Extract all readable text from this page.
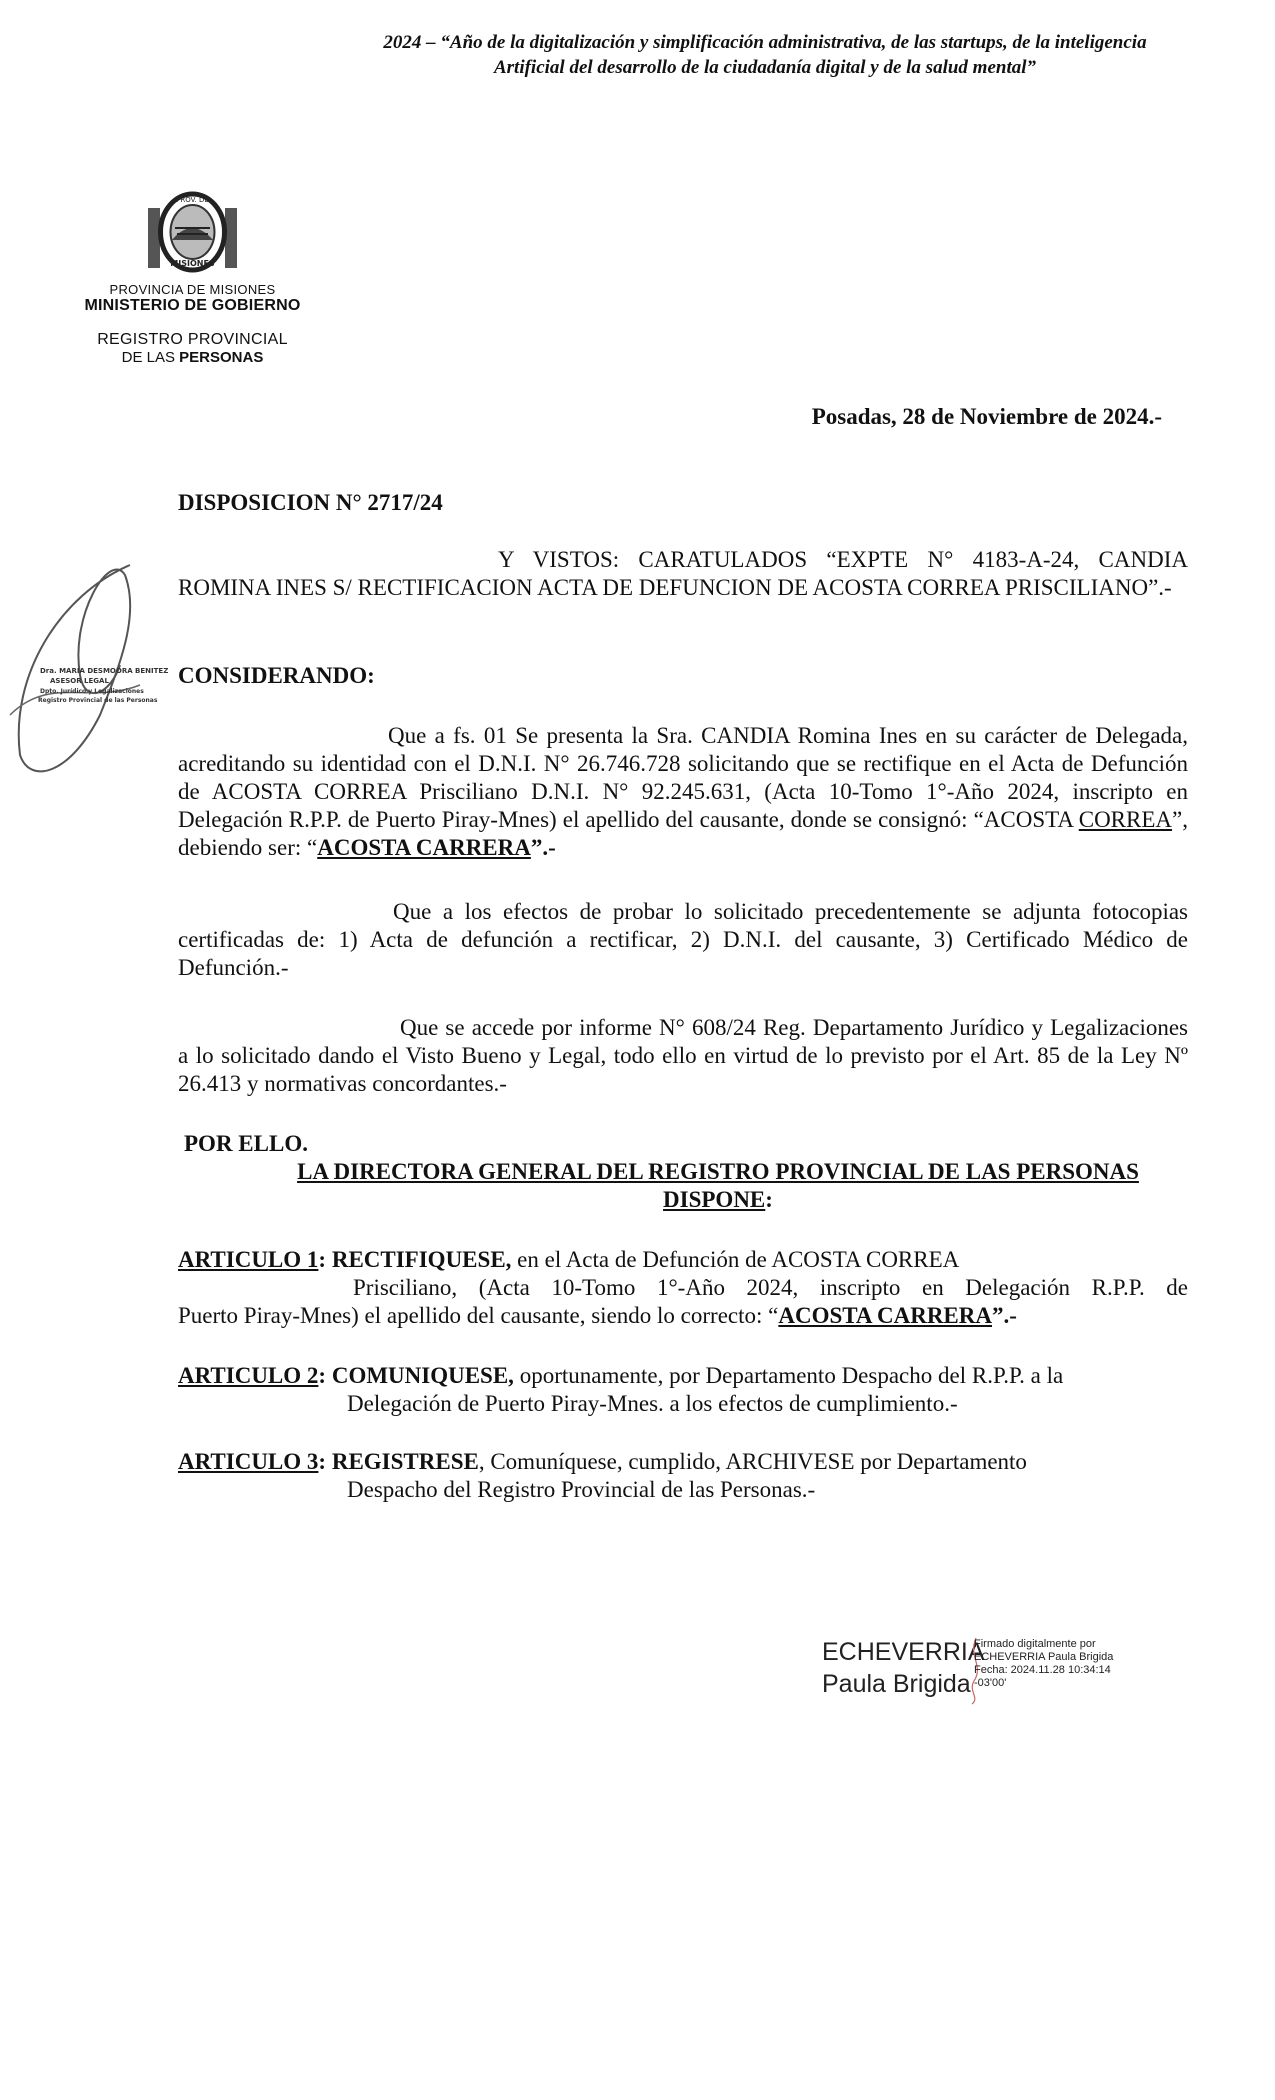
2024 – “Año de la digitalización y simplificación administrativa, de las startups, de la inteligencia
Artificial del desarrollo de la ciudadanía digital y de la salud mental”
PROV. DE
MISIONES
PROVINCIA DE MISIONES
MINISTERIO DE GOBIERNO
REGISTRO PROVINCIAL
DE LAS PERSONAS
Dra. MARIA DESMOORA BENITEZ
ASESOR LEGAL
Dpto. Jurídico y Legalizaciones
Registro Provincial de las Personas
Posadas, 28 de Noviembre de 2024.-
DISPOSICION N° 2717/24
Y VISTOS: CARATULADOS “EXPTE N° 4183-A-24, CANDIA
ROMINA INES S/ RECTIFICACION ACTA DE DEFUNCION DE ACOSTA CORREA PRISCILIANO”.-
CONSIDERANDO:
Que a fs. 01 Se presenta la Sra. CANDIA Romina Ines en su carácter de Delegada, acreditando su identidad con el D.N.I. N° 26.746.728 solicitando que se rectifique en el Acta de Defunción de ACOSTA CORREA Prisciliano D.N.I. N° 92.245.631, (Acta 10-Tomo 1°-Año 2024, inscripto en Delegación R.P.P. de Puerto Piray-Mnes) el apellido del causante, donde se consignó: “ACOSTA CORREA”, debiendo ser: “ACOSTA CARRERA”.-
Que a los efectos de probar lo solicitado precedentemente se adjunta fotocopias certificadas de: 1) Acta de defunción a rectificar, 2) D.N.I. del causante, 3) Certificado Médico de Defunción.-
Que se accede por informe N° 608/24 Reg. Departamento Jurídico y Legalizaciones a lo solicitado dando el Visto Bueno y Legal, todo ello en virtud de lo previsto por el Art. 85 de la Ley Nº 26.413 y normativas concordantes.-
POR ELLO.
LA DIRECTORA GENERAL DEL REGISTRO PROVINCIAL DE LAS PERSONAS
DISPONE:
ARTICULO 1: RECTIFIQUESE, en el Acta de Defunción de ACOSTA CORREA
Prisciliano, (Acta 10-Tomo 1°-Año 2024, inscripto en Delegación R.P.P. de
Puerto Piray-Mnes) el apellido del causante, siendo lo correcto: “ACOSTA CARRERA”.-
ARTICULO 2: COMUNIQUESE, oportunamente, por Departamento Despacho del R.P.P. a la
Delegación de Puerto Piray-Mnes. a los efectos de cumplimiento.-
ARTICULO 3: REGISTRESE, Comuníquese, cumplido, ARCHIVESE por Departamento
Despacho del Registro Provincial de las Personas.-
ECHEVERRIA
Paula Brigida
Firmado digitalmente por
ECHEVERRIA Paula Brigida
Fecha: 2024.11.28 10:34:14
-03'00'
